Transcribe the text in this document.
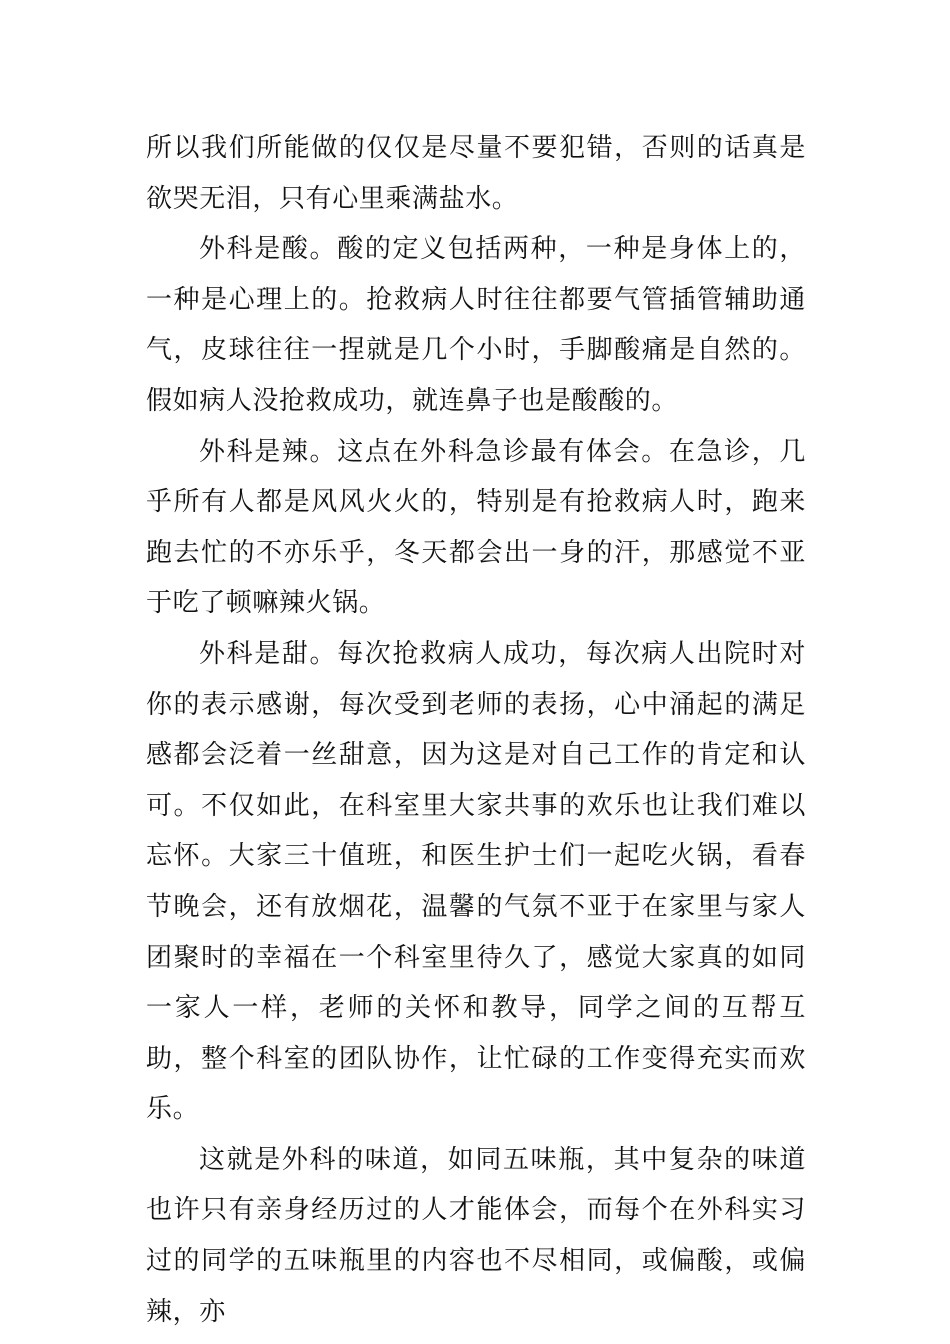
所以我们所能做的仅仅是尽量不要犯错，否则的话真是欲哭无泪，只有心里乘满盐水。

外科是酸。酸的定义包括两种，一种是身体上的，一种是心理上的。抢救病人时往往都要气管插管辅助通气，皮球往往一捏就是几个小时，手脚酸痛是自然的。假如病人没抢救成功，就连鼻子也是酸酸的。

外科是辣。这点在外科急诊最有体会。在急诊，几乎所有人都是风风火火的，特别是有抢救病人时，跑来跑去忙的不亦乐乎，冬天都会出一身的汗，那感觉不亚于吃了顿嘛辣火锅。

外科是甜。每次抢救病人成功，每次病人出院时对你的表示感谢，每次受到老师的表扬，心中涌起的满足感都会泛着一丝甜意，因为这是对自己工作的肯定和认可。不仅如此，在科室里大家共事的欢乐也让我们难以忘怀。大家三十值班，和医生护士们一起吃火锅，看春节晚会，还有放烟花，温馨的气氛不亚于在家里与家人团聚时的幸福在一个科室里待久了，感觉大家真的如同一家人一样，老师的关怀和教导，同学之间的互帮互助，整个科室的团队协作，让忙碌的工作变得充实而欢乐。

这就是外科的味道，如同五味瓶，其中复杂的味道也许只有亲身经历过的人才能体会，而每个在外科实习过的同学的五味瓶里的内容也不尽相同，或偏酸，或偏辣，亦
